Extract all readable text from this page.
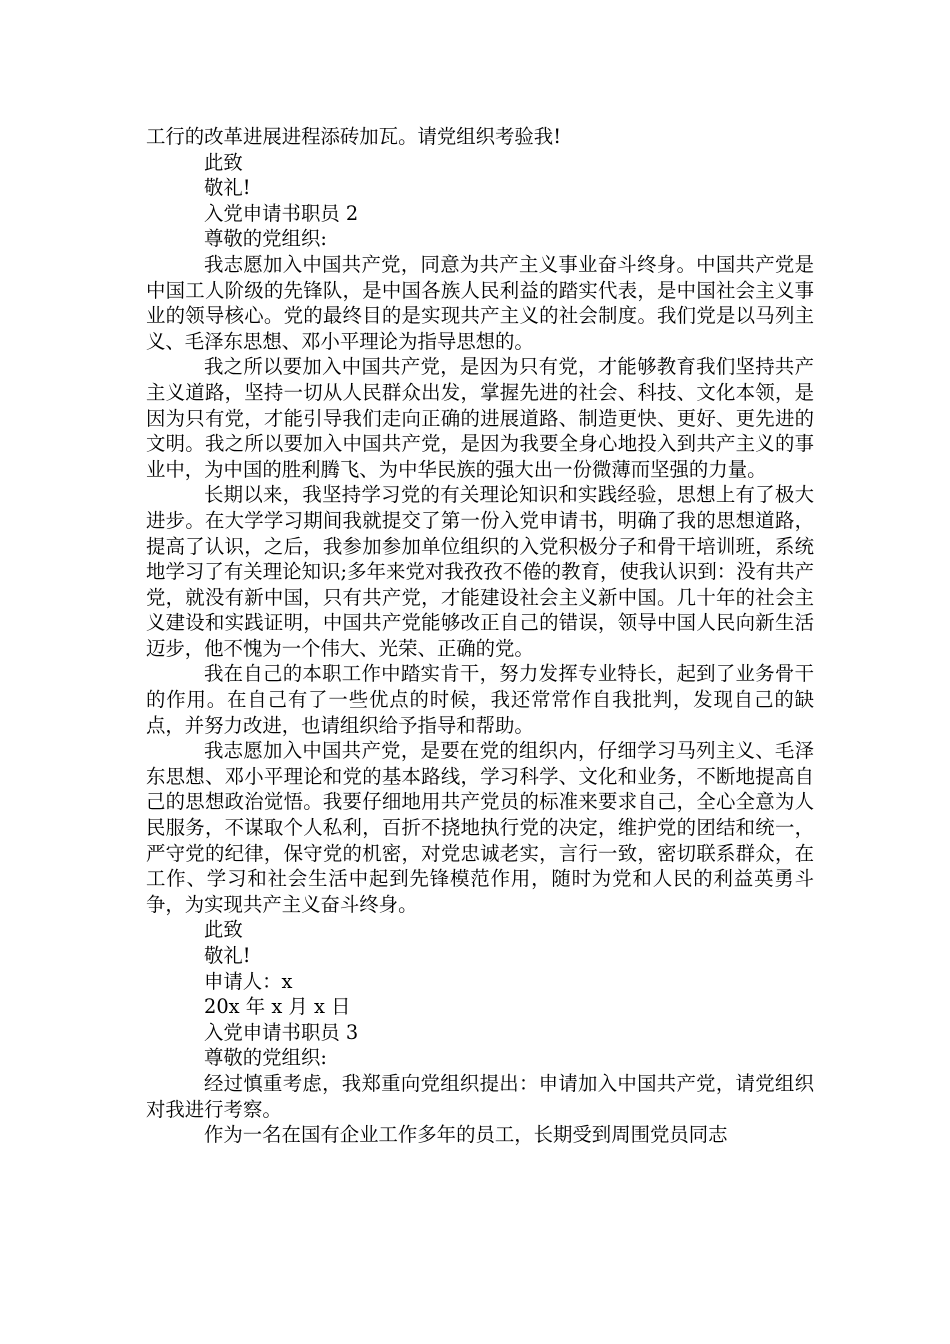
工行的改革进展进程添砖加瓦。请党组织考验我!

此致

敬礼!

入党申请书职员 2

尊敬的党组织:

我志愿加入中国共产党，同意为共产主义事业奋斗终身。中国共产党是中国工人阶级的先锋队，是中国各族人民利益的踏实代表，是中国社会主义事业的领导核心。党的最终目的是实现共产主义的社会制度。我们党是以马列主义、毛泽东思想、邓小平理论为指导思想的。

我之所以要加入中国共产党，是因为只有党，才能够教育我们坚持共产主义道路，坚持一切从人民群众出发，掌握先进的社会、科技、文化本领，是因为只有党，才能引导我们走向正确的进展道路、制造更快、更好、更先进的文明。我之所以要加入中国共产党，是因为我要全身心地投入到共产主义的事业中，为中国的胜利腾飞、为中华民族的强大出一份微薄而坚强的力量。

长期以来，我坚持学习党的有关理论知识和实践经验，思想上有了极大进步。在大学学习期间我就提交了第一份入党申请书，明确了我的思想道路，提高了认识，之后，我参加参加单位组织的入党积极分子和骨干培训班，系统地学习了有关理论知识;多年来党对我孜孜不倦的教育，使我认识到：没有共产党，就没有新中国，只有共产党，才能建设社会主义新中国。几十年的社会主义建设和实践证明，中国共产党能够改正自己的错误，领导中国人民向新生活迈步，他不愧为一个伟大、光荣、正确的党。

我在自己的本职工作中踏实肯干，努力发挥专业特长，起到了业务骨干的作用。在自己有了一些优点的时候，我还常常作自我批判，发现自己的缺点，并努力改进，也请组织给予指导和帮助。

我志愿加入中国共产党，是要在党的组织内，仔细学习马列主义、毛泽东思想、邓小平理论和党的基本路线，学习科学、文化和业务，不断地提高自己的思想政治觉悟。我要仔细地用共产党员的标准来要求自己，全心全意为人民服务，不谋取个人私利，百折不挠地执行党的决定，维护党的团结和统一，严守党的纪律，保守党的机密，对党忠诚老实，言行一致，密切联系群众，在工作、学习和社会生活中起到先锋模范作用，随时为党和人民的利益英勇斗争，为实现共产主义奋斗终身。

此致

敬礼!

申请人：x

20x 年 x 月 x 日

入党申请书职员 3

尊敬的党组织:

经过慎重考虑，我郑重向党组织提出：申请加入中国共产党，请党组织对我进行考察。

作为一名在国有企业工作多年的员工，长期受到周围党员同志
